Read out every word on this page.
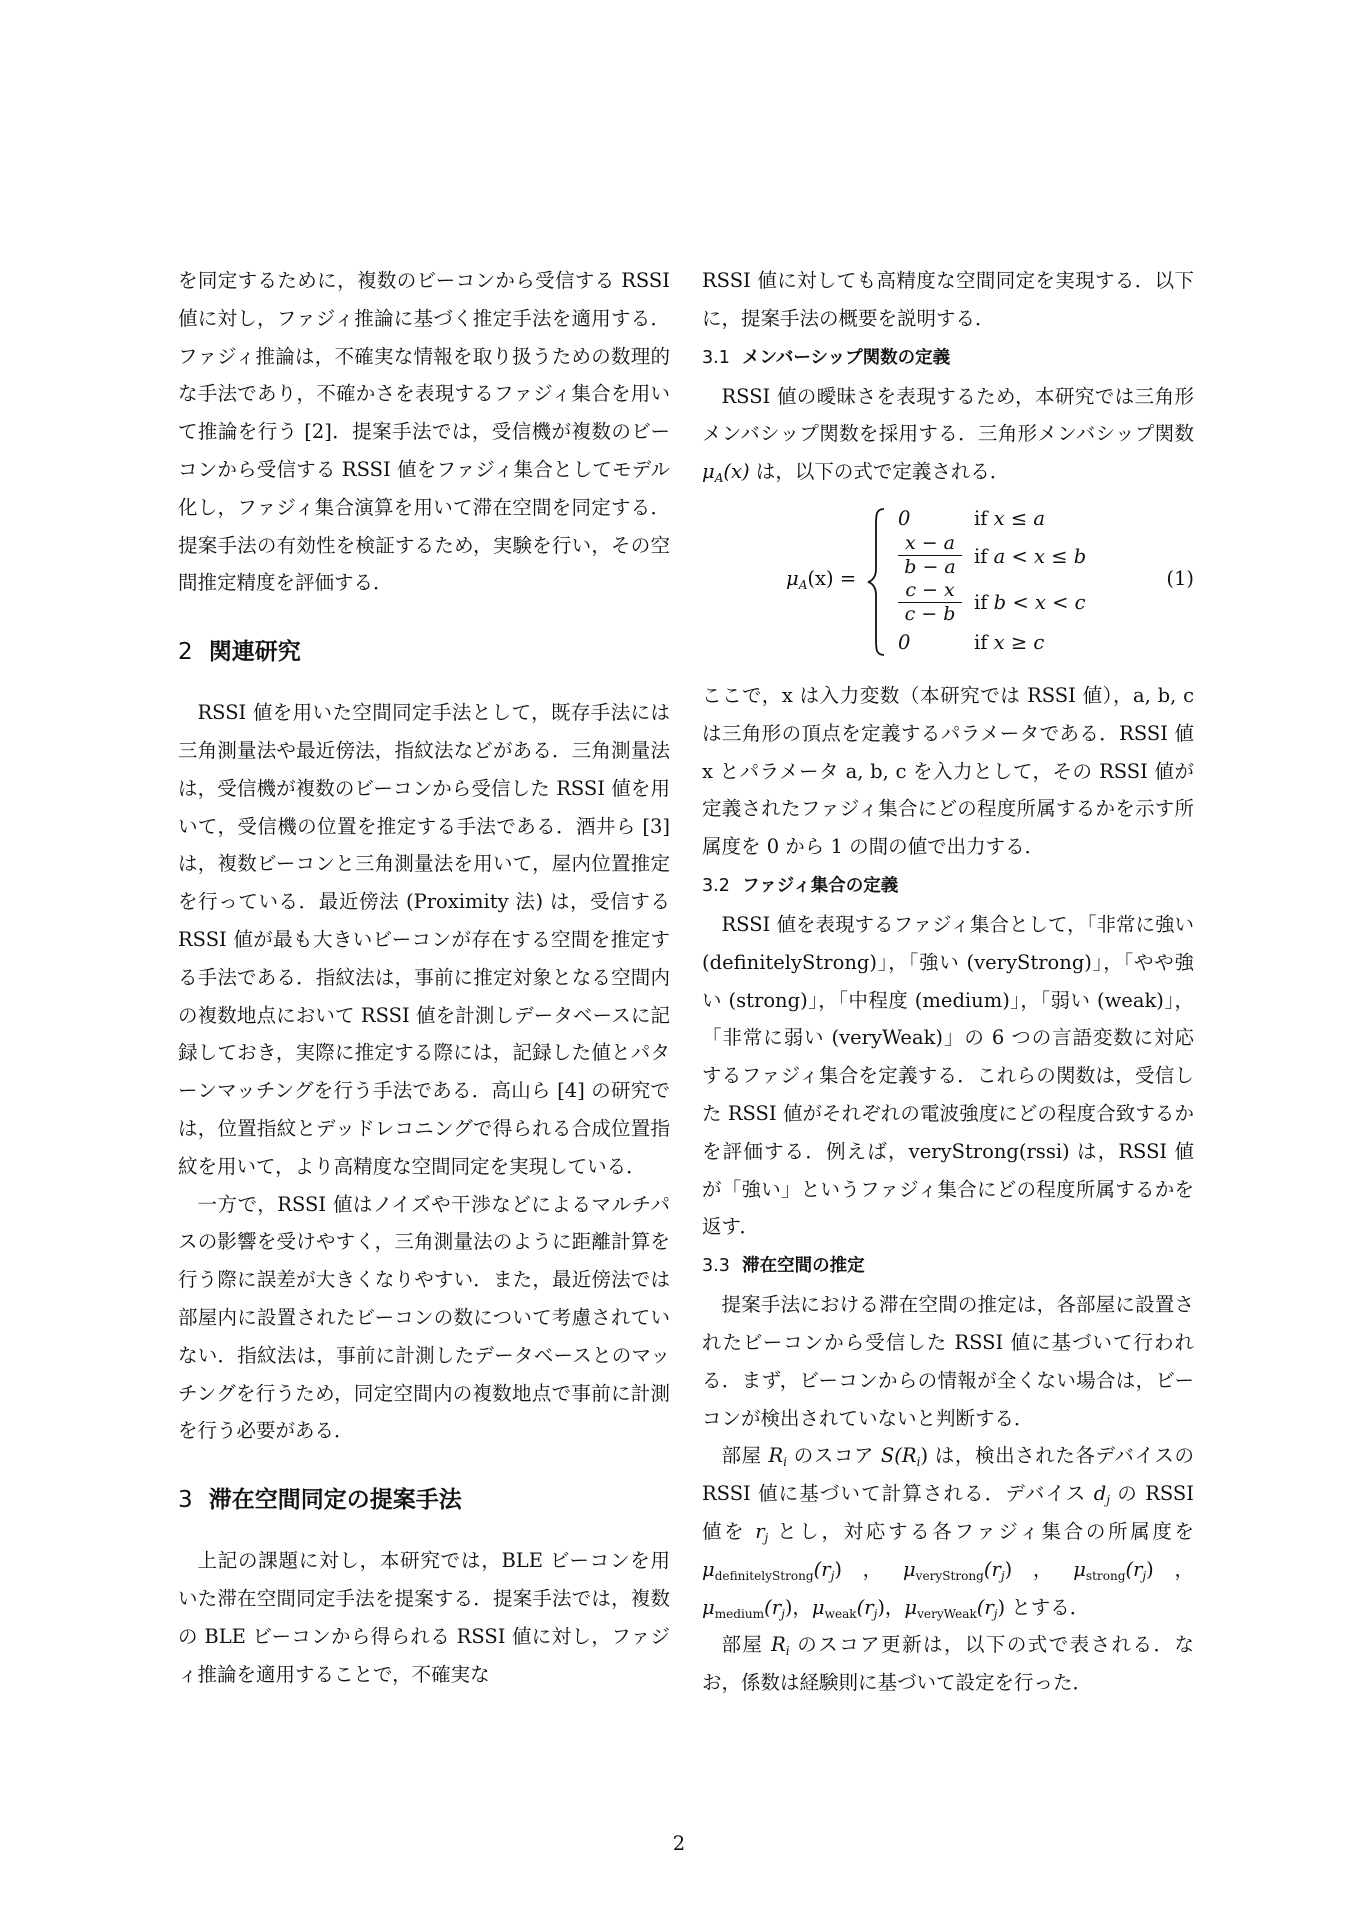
を同定するために，複数のビーコンから受信する RSSI 値に対し，ファジィ推論に基づく推定手法を適用する．ファジィ推論は，不確実な情報を取り扱うための数理的な手法であり，不確かさを表現するファジィ集合を用いて推論を行う [2]．提案手法では，受信機が複数のビーコンから受信する RSSI 値をファジィ集合としてモデル化し，ファジィ集合演算を用いて滞在空間を同定する．提案手法の有効性を検証するため，実験を行い，その空間推定精度を評価する．

2 関連研究

RSSI 値を用いた空間同定手法として，既存手法には三角測量法や最近傍法，指紋法などがある．三角測量法は，受信機が複数のビーコンから受信した RSSI 値を用いて，受信機の位置を推定する手法である．酒井ら [3] は，複数ビーコンと三角測量法を用いて，屋内位置推定を行っている．最近傍法 (Proximity 法) は，受信する RSSI 値が最も大きいビーコンが存在する空間を推定する手法である．指紋法は，事前に推定対象となる空間内の複数地点において RSSI 値を計測しデータベースに記録しておき，実際に推定する際には，記録した値とパターンマッチングを行う手法である．高山ら [4] の研究では，位置指紋とデッドレコニングで得られる合成位置指紋を用いて，より高精度な空間同定を実現している．

一方で，RSSI 値はノイズや干渉などによるマルチパスの影響を受けやすく，三角測量法のように距離計算を行う際に誤差が大きくなりやすい．また，最近傍法では部屋内に設置されたビーコンの数について考慮されていない．指紋法は，事前に計測したデータベースとのマッチングを行うため，同定空間内の複数地点で事前に計測を行う必要がある．

3 滞在空間同定の提案手法

上記の課題に対し，本研究では，BLE ビーコンを用いた滞在空間同定手法を提案する．提案手法では，複数の BLE ビーコンから得られる RSSI 値に対し，ファジィ推論を適用することで，不確実な

RSSI 値に対しても高精度な空間同定を実現する．以下に，提案手法の概要を説明する．

3.1 メンバーシップ関数の定義

RSSI 値の曖昧さを表現するため，本研究では三角形メンバシップ関数を採用する．三角形メンバシップ関数 $\mu_A(x)$ は，以下の式で定義される．

$\mu_A(x)$ =
0	if x ≤ a
$\frac{x - a}{b - a}$ if a < x ≤ b
$\frac{c - x}{c - b}$ if b < x < c
0	if x ≥ c
(1)

ここで，x は入力変数（本研究では RSSI 値），a, b, c は三角形の頂点を定義するパラメータである．RSSI 値 x とパラメータ a, b, c を入力として，その RSSI 値が定義されたファジィ集合にどの程度所属するかを示す所属度を 0 から 1 の間の値で出力する．

3.2 ファジィ集合の定義

RSSI 値を表現するファジィ集合として，「非常に強い (definitelyStrong)」，「強い (veryStrong)」，「やや強い (strong)」，「中程度 (medium)」，「弱い (weak)」，「非常に弱い (veryWeak)」の 6 つの言語変数に対応するファジィ集合を定義する．これらの関数は，受信した RSSI 値がそれぞれの電波強度にどの程度合致するかを評価する．例えば，veryStrong(rssi) は，RSSI 値が「強い」というファジィ集合にどの程度所属するかを返す．

3.3 滞在空間の推定

提案手法における滞在空間の推定は，各部屋に設置されたビーコンから受信した RSSI 値に基づいて行われる．まず，ビーコンからの情報が全くない場合は，ビーコンが検出されていないと判断する．

部屋 $R_i$ のスコア $S(R_i)$ は，検出された各デバイスの RSSI 値に基づいて計算される．デバイス $d_j$ の RSSI 値を $r_j$ とし，対応する各ファジィ集合の所属度を $\mu_{definitelyStrong}(r_j)$，$\mu_{veryStrong}(r_j)$，$\mu_{strong}(r_j)$，$\mu_{medium}(r_j)$，$\mu_{weak}(r_j)$，$\mu_{veryWeak}(r_j)$ とする．

部屋 $R_i$ のスコア更新は，以下の式で表される．なお，係数は経験則に基づいて設定を行った．

2
